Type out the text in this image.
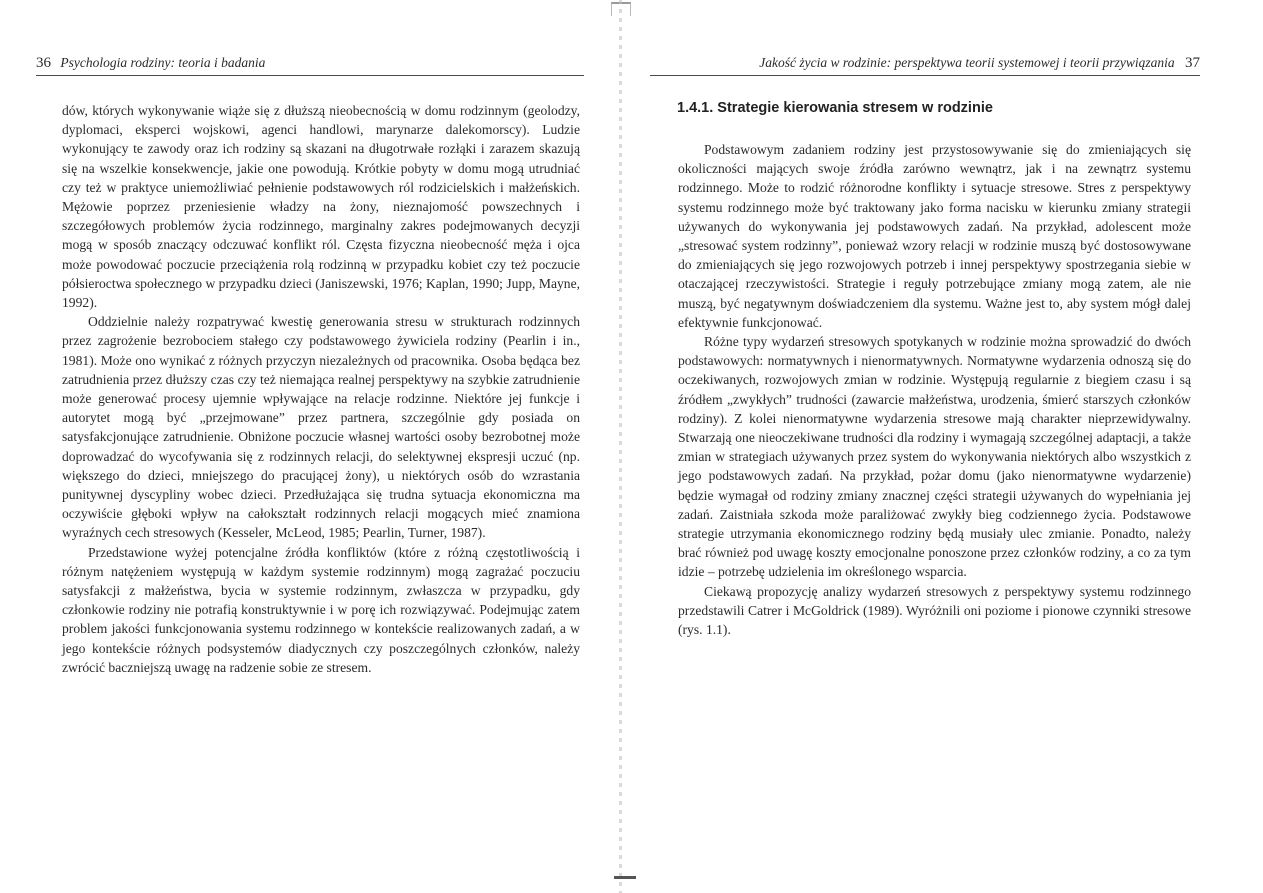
36 Psychologia rodziny: teoria i badania

dów, których wykonywanie wiąże się z dłuższą nieobecnością w domu rodzinnym (geolodzy, dyplomaci, eksperci wojskowi, agenci handlowi, marynarze dalekomorscy). Ludzie wykonujący te zawody oraz ich rodziny są skazani na długotrwałe rozłąki i zarazem skazują się na wszelkie konsekwencje, jakie one powodują. Krótkie pobyty w domu mogą utrudniać czy też w praktyce uniemożliwiać pełnienie podstawowych ról rodzicielskich i małżeńskich. Mężowie poprzez przeniesienie władzy na żony, nieznajomość powszechnych i szczegółowych problemów życia rodzinnego, marginalny zakres podejmowanych decyzji mogą w sposób znaczący odczuwać konflikt ról. Częsta fizyczna nieobecność męża i ojca może powodować poczucie przeciążenia rolą rodzinną w przypadku kobiet czy też poczucie półsieroctwa społecznego w przypadku dzieci (Janiszewski, 1976; Kaplan, 1990; Jupp, Mayne, 1992).

Oddzielnie należy rozpatrywać kwestię generowania stresu w strukturach rodzinnych przez zagrożenie bezrobociem stałego czy podstawowego żywiciela rodziny (Pearlin i in., 1981). Może ono wynikać z różnych przyczyn niezależnych od pracownika. Osoba będąca bez zatrudnienia przez dłuższy czas czy też niemająca realnej perspektywy na szybkie zatrudnienie może generować procesy ujemnie wpływające na relacje rodzinne. Niektóre jej funkcje i autorytet mogą być „przejmowane” przez partnera, szczególnie gdy posiada on satysfakcjonujące zatrudnienie. Obniżone poczucie własnej wartości osoby bezrobotnej może doprowadzać do wycofywania się z rodzinnych relacji, do selektywnej ekspresji uczuć (np. większego do dzieci, mniejszego do pracującej żony), u niektórych osób do wzrastania punitywnej dyscypliny wobec dzieci. Przedłużająca się trudna sytuacja ekonomiczna ma oczywiście głęboki wpływ na całokształt rodzinnych relacji mogących mieć znamiona wyraźnych cech stresowych (Kesseler, McLeod, 1985; Pearlin, Turner, 1987).

Przedstawione wyżej potencjalne źródła konfliktów (które z różną częstotliwością i różnym natężeniem występują w każdym systemie rodzinnym) mogą zagrażać poczuciu satysfakcji z małżeństwa, bycia w systemie rodzinnym, zwłaszcza w przypadku, gdy członkowie rodziny nie potrafią konstruktywnie i w porę ich rozwiązywać. Podejmując zatem problem jakości funkcjonowania systemu rodzinnego w kontekście realizowanych zadań, a w jego kontekście różnych podsystemów diadycznych czy poszczególnych członków, należy zwrócić baczniejszą uwagę na radzenie sobie ze stresem.

Jakość życia w rodzinie: perspektywa teorii systemowej i teorii przywiązania 37
1.4.1. Strategie kierowania stresem w rodzinie

Podstawowym zadaniem rodziny jest przystosowywanie się do zmieniających się okoliczności mających swoje źródła zarówno wewnątrz, jak i na zewnątrz systemu rodzinnego. Może to rodzić różnorodne konflikty i sytuacje stresowe. Stres z perspektywy systemu rodzinnego może być traktowany jako forma nacisku w kierunku zmiany strategii używanych do wykonywania jej podstawowych zadań. Na przykład, adolescent może „stresować system rodzinny”, ponieważ wzory relacji w rodzinie muszą być dostosowywane do zmieniających się jego rozwojowych potrzeb i innej perspektywy spostrzegania siebie w otaczającej rzeczywistości. Strategie i reguły potrzebujące zmiany mogą zatem, ale nie muszą, być negatywnym doświadczeniem dla systemu. Ważne jest to, aby system mógł dalej efektywnie funkcjonować.

Różne typy wydarzeń stresowych spotykanych w rodzinie można sprowadzić do dwóch podstawowych: normatywnych i nienormatywnych. Normatywne wydarzenia odnoszą się do oczekiwanych, rozwojowych zmian w rodzinie. Występują regularnie z biegiem czasu i są źródłem „zwykłych” trudności (zawarcie małżeństwa, urodzenia, śmierć starszych członków rodziny). Z kolei nienormatywne wydarzenia stresowe mają charakter nieprzewidywalny. Stwarzają one nieoczekiwane trudności dla rodziny i wymagają szczególnej adaptacji, a także zmian w strategiach używanych przez system do wykonywania niektórych albo wszystkich z jego podstawowych zadań. Na przykład, pożar domu (jako nienormatywne wydarzenie) będzie wymagał od rodziny zmiany znacznej części strategii używanych do wypełniania jej zadań. Zaistniała szkoda może paraliżować zwykły bieg codziennego życia. Podstawowe strategie utrzymania ekonomicznego rodziny będą musiały ulec zmianie. Ponadto, należy brać również pod uwagę koszty emocjonalne ponoszone przez członków rodziny, a co za tym idzie – potrzebę udzielenia im określonego wsparcia.

Ciekawą propozycję analizy wydarzeń stresowych z perspektywy systemu rodzinnego przedstawili Catrer i McGoldrick (1989). Wyróżnili oni poziome i pionowe czynniki stresowe (rys. 1.1).
